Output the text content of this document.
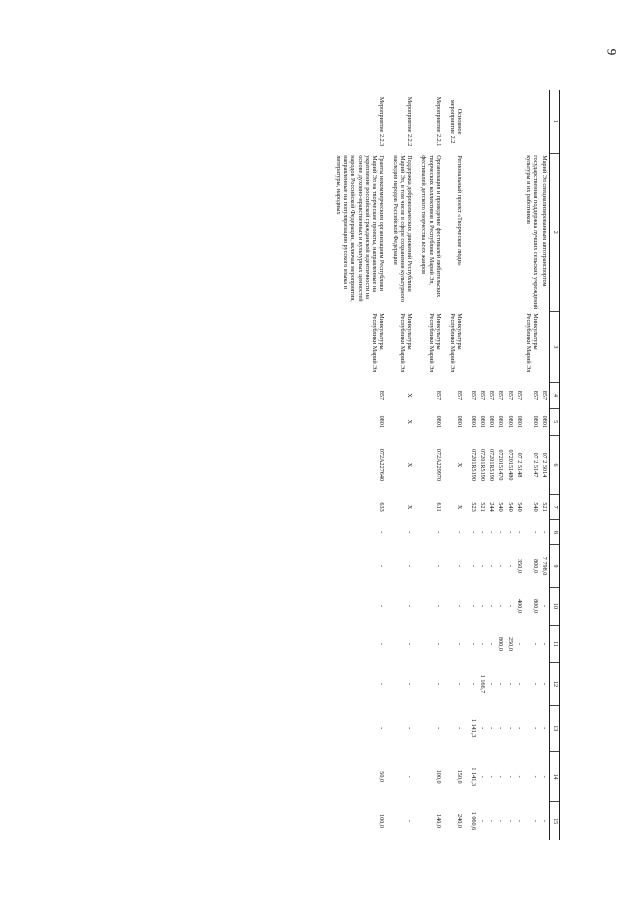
9
1	2	3	4	5	6	7	8	9	10	11	12	13	14	15
	Марий Эл специализированным автотранспортом		857	0801	07 2 5014	521	-	7 798,0	-	-	-	-	-	-
	государственная поддержка лучших сельских учреждений культуры и их работников	Минкультуры Республики Марий Эл	857	0801	07 2 5147	540	-	800,0	800,0	-	-	-	-	-
			857	0801	07 2 5148	540	-	350,0	400,0	-	-	-	-	-
			857	0801	0720151480	540	-	-	-	250,0	-	-	-	-
			857	0801	0720151470	540	-	-	-	800,0	-	-	-	-
			857	0801	07201R5190	244	-	-	-	-	-	-	-	-
			857	0801	07201R5190	521	-	-	-	-	1 166,7	-	-	-
			857	0801	07201R5190	523	-	-	-	-	-	1 141,3	1 141,3	1 060,6
Основное мероприятие 2.2	Региональный проект «Творческие люди»	Минкультуры Республики Марий Эл	857	0801	X	X	-	-	-	-	-	-	150,0	240,0
Мероприятие 2.2.1	Организация и проведение фестивалей любительских творческих коллективов в Республике Марий Эл, фестивалей детского творчества всех жанров	Минкультуры Республики Марий Эл	857	0801	072A229970	611	-	-	-	-	-	-	100,0	140,0
Мероприятие 2.2.2	Поддержка добровольческих движений Республики Марий Эл, в том числе в сфере сохранения культурного наследия народов Российской Федерации	Минкультуры Республики Марий Эл	X	X	X	X	-	-	-	-	-	-	-	-
Мероприятие 2.2.3	Гранты некоммерческим организациям Республики Марий Эл на творческие проекты, направленные на укрепление российской гражданской идентичности на основе духовно-нравственных и культурных ценностей народов Российской Федерации, включая мероприятия, направленные на популяризацию русского языка и литературы, народных	Минкультуры Республики Марий Эл	857	0801	072A227640	633	-	-	-	-	-	-	50,0	100,0
